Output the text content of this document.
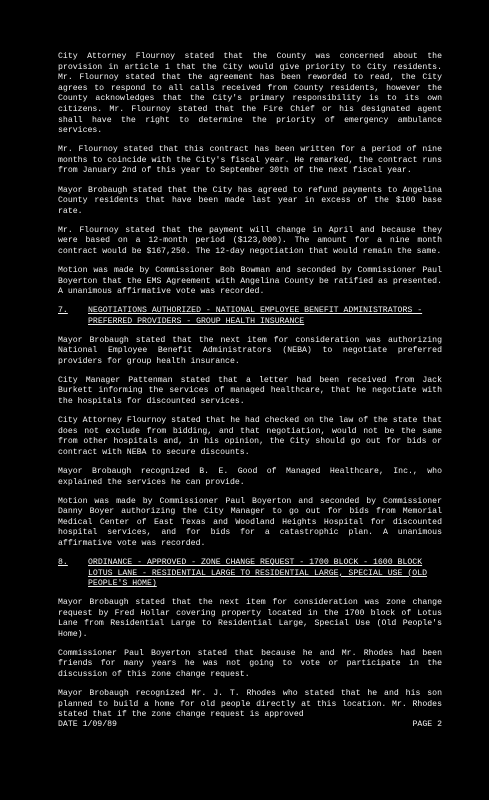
City Attorney Flournoy stated that the County was concerned about the provision in article 1 that the City would give priority to City residents. Mr. Flournoy stated that the agreement has been reworded to read, the City agrees to respond to all calls received from County residents, however the County acknowledges that the City's primary responsibility is to its own citizens. Mr. Flournoy stated that the Fire Chief or his designated agent shall have the right to determine the priority of emergency ambulance services.

Mr. Flournoy stated that this contract has been written for a period of nine months to coincide with the City's fiscal year. He remarked, the contract runs from January 2nd of this year to September 30th of the next fiscal year.

Mayor Brobaugh stated that the City has agreed to refund payments to Angelina County residents that have been made last year in excess of the $100 base rate.

Mr. Flournoy stated that the payment will change in April and because they were based on a 12-month period ($123,000). The amount for a nine month contract would be $167,250. The 12-day negotiation that would remain the same.

Motion was made by Commissioner Bob Bowman and seconded by Commissioner Paul Boyerton that the EMS Agreement with Angelina County be ratified as presented. A unanimous affirmative vote was recorded.

7.	NEGOTIATIONS AUTHORIZED - NATIONAL EMPLOYEE BENEFIT ADMINISTRATORS - PREFERRED PROVIDERS - GROUP HEALTH INSURANCE

Mayor Brobaugh stated that the next item for consideration was authorizing National Employee Benefit Administrators (NEBA) to negotiate preferred providers for group health insurance.

City Manager Pattenman stated that a letter had been received from Jack Burkett informing the services of managed healthcare, that he negotiate with the hospitals for discounted services.

City Attorney Flournoy stated that he had checked on the law of the state that does not exclude from bidding, and that negotiation, would not be the same from other hospitals and, in his opinion, the City should go out for bids or contract with NEBA to secure discounts.

Mayor Brobaugh recognized B. E. Good of Managed Healthcare, Inc., who explained the services he can provide.

Motion was made by Commissioner Paul Boyerton and seconded by Commissioner Danny Boyer authorizing the City Manager to go out for bids from Memorial Medical Center of East Texas and Woodland Heights Hospital for discounted hospital services, and for bids for a catastrophic plan. A unanimous affirmative vote was recorded.

8.	ORDINANCE - APPROVED - ZONE CHANGE REQUEST - 1700 BLOCK - 1600 BLOCK LOTUS LANE - RESIDENTIAL LARGE TO RESIDENTIAL LARGE, SPECIAL USE (OLD PEOPLE'S HOME)

Mayor Brobaugh stated that the next item for consideration was zone change request by Fred Hollar covering property located in the 1700 block of Lotus Lane from Residential Large to Residential Large, Special Use (Old People's Home).

Commissioner Paul Boyerton stated that because he and Mr. Rhodes had been friends for many years he was not going to vote or participate in the discussion of this zone change request.

Mayor Brobaugh recognized Mr. J. T. Rhodes who stated that he and his son planned to build a home for old people directly at this location. Mr. Rhodes stated that if the zone change request is approved

DATE 1/09/89	PAGE 2
